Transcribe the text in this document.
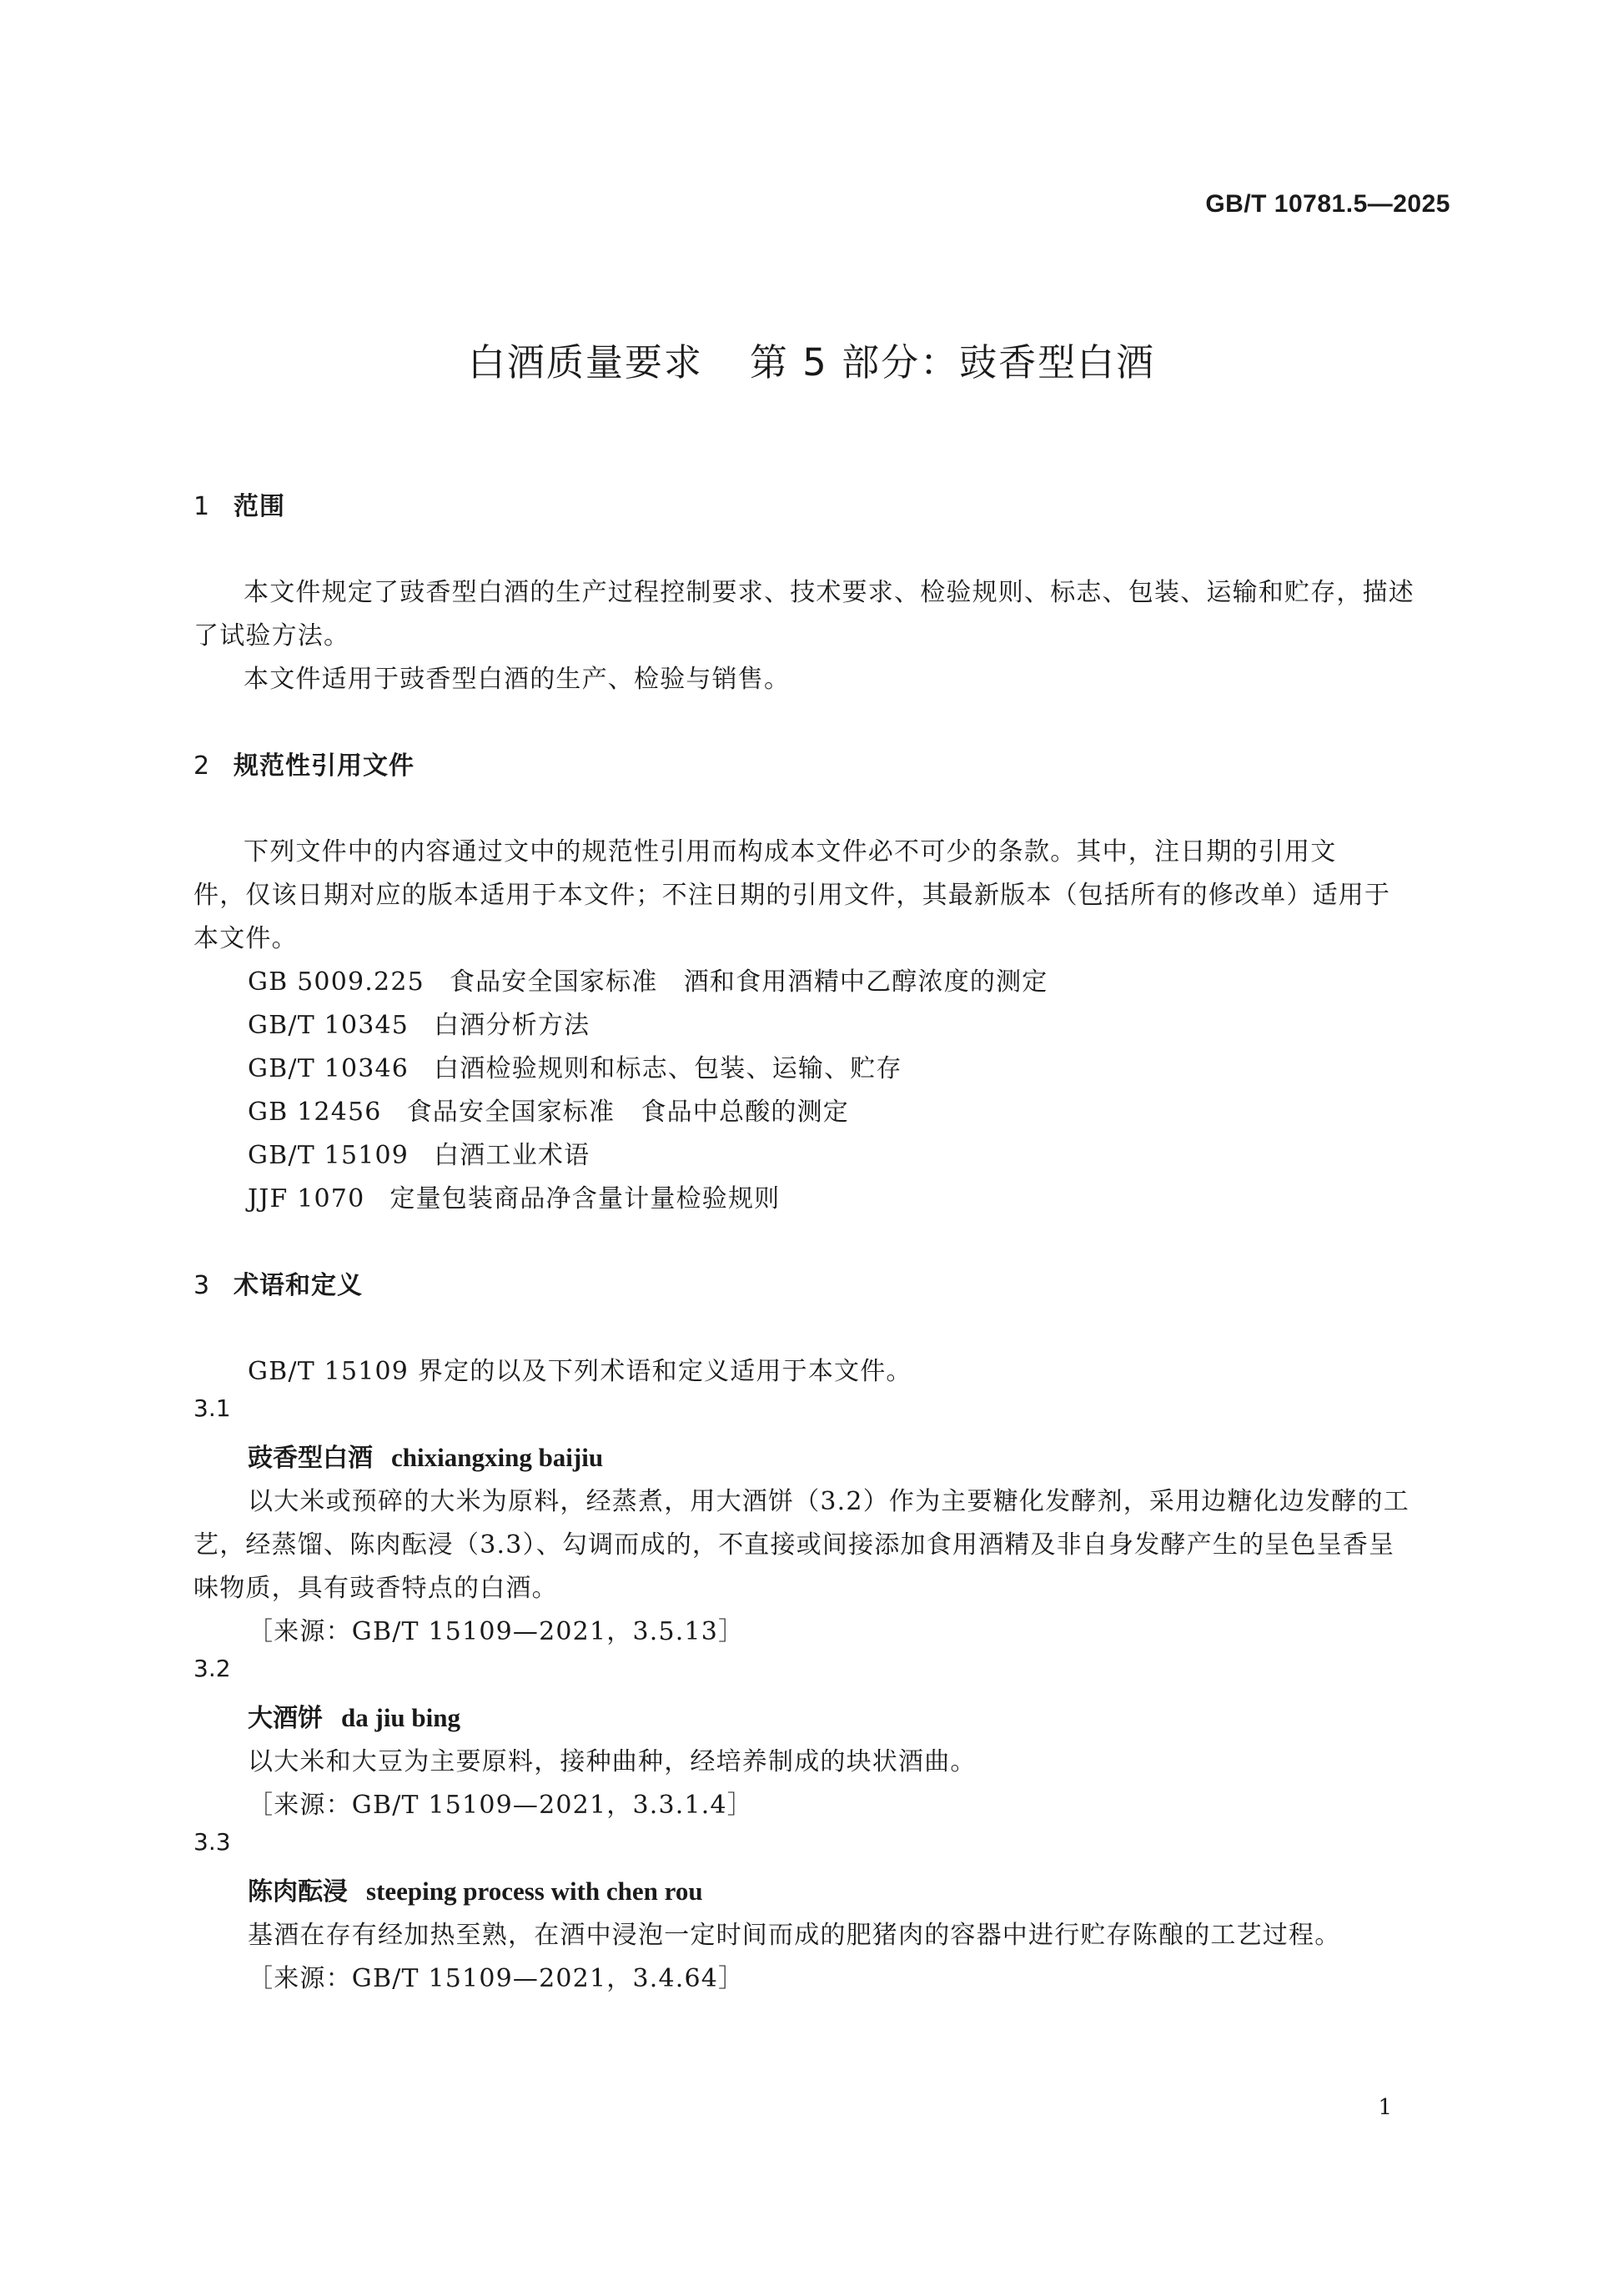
GB/T 10781.5—2025
白酒质量要求 第 5 部分：豉香型白酒
1 范围
本文件规定了豉香型白酒的生产过程控制要求、技术要求、检验规则、标志、包装、运输和贮存，描述
了试验方法。
本文件适用于豉香型白酒的生产、检验与销售。
2 规范性引用文件
下列文件中的内容通过文中的规范性引用而构成本文件必不可少的条款。其中，注日期的引用文
件，仅该日期对应的版本适用于本文件；不注日期的引用文件，其最新版本（包括所有的修改单）适用于
本文件。
GB 5009.225 食品安全国家标准　酒和食用酒精中乙醇浓度的测定
GB/T 10345 白酒分析方法
GB/T 10346 白酒检验规则和标志、包装、运输、贮存
GB 12456 食品安全国家标准　食品中总酸的测定
GB/T 15109 白酒工业术语
JJF 1070 定量包装商品净含量计量检验规则
3 术语和定义
GB/T 15109 界定的以及下列术语和定义适用于本文件。
3.1
豉香型白酒 chixiangxing baijiu
以大米或预碎的大米为原料，经蒸煮，用大酒饼（3.2）作为主要糖化发酵剂，采用边糖化边发酵的工
艺，经蒸馏、陈肉酝浸（3.3）、勾调而成的，不直接或间接添加食用酒精及非自身发酵产生的呈色呈香呈
味物质，具有豉香特点的白酒。
［来源：GB/T 15109—2021，3.5.13］
3.2
大酒饼 da jiu bing
以大米和大豆为主要原料，接种曲种，经培养制成的块状酒曲。
［来源：GB/T 15109—2021，3.3.1.4］
3.3
陈肉酝浸 steeping process with chen rou
基酒在存有经加热至熟，在酒中浸泡一定时间而成的肥猪肉的容器中进行贮存陈酿的工艺过程。
［来源：GB/T 15109—2021，3.4.64］
1
